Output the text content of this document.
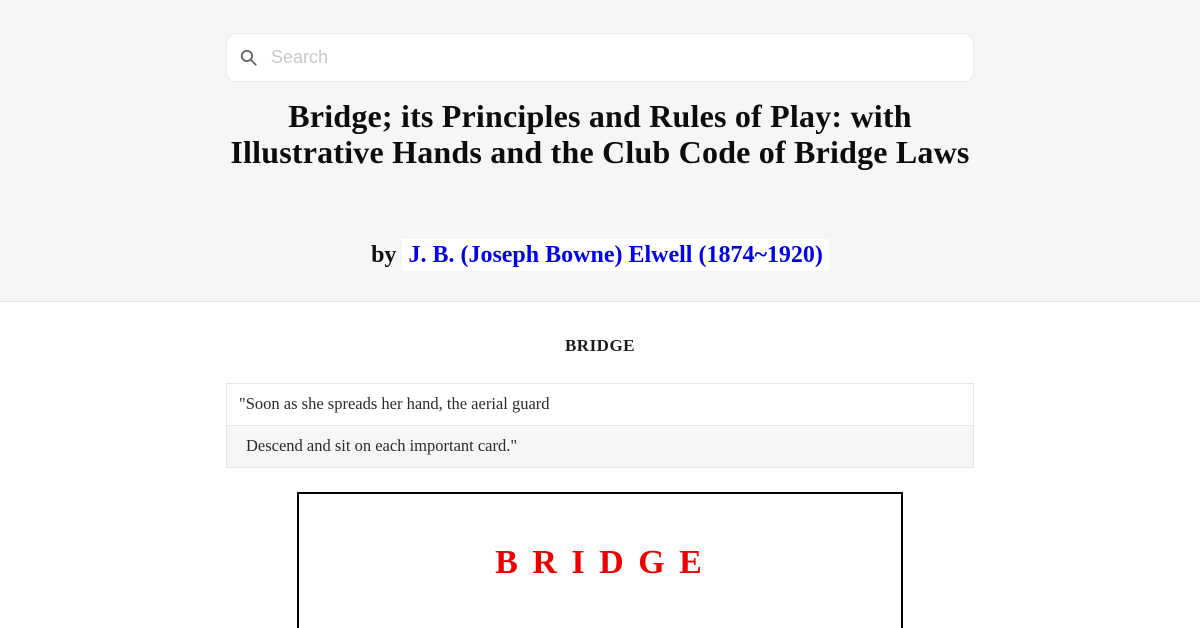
Search
Bridge; its Principles and Rules of Play: with Illustrative Hands and the Club Code of Bridge Laws

by J. B. (Joseph Bowne) Elwell (1874~1920)

BRIDGE
"Soon as she spreads her hand, the aerial guard
Descend and sit on each important card."

B R I D G E
